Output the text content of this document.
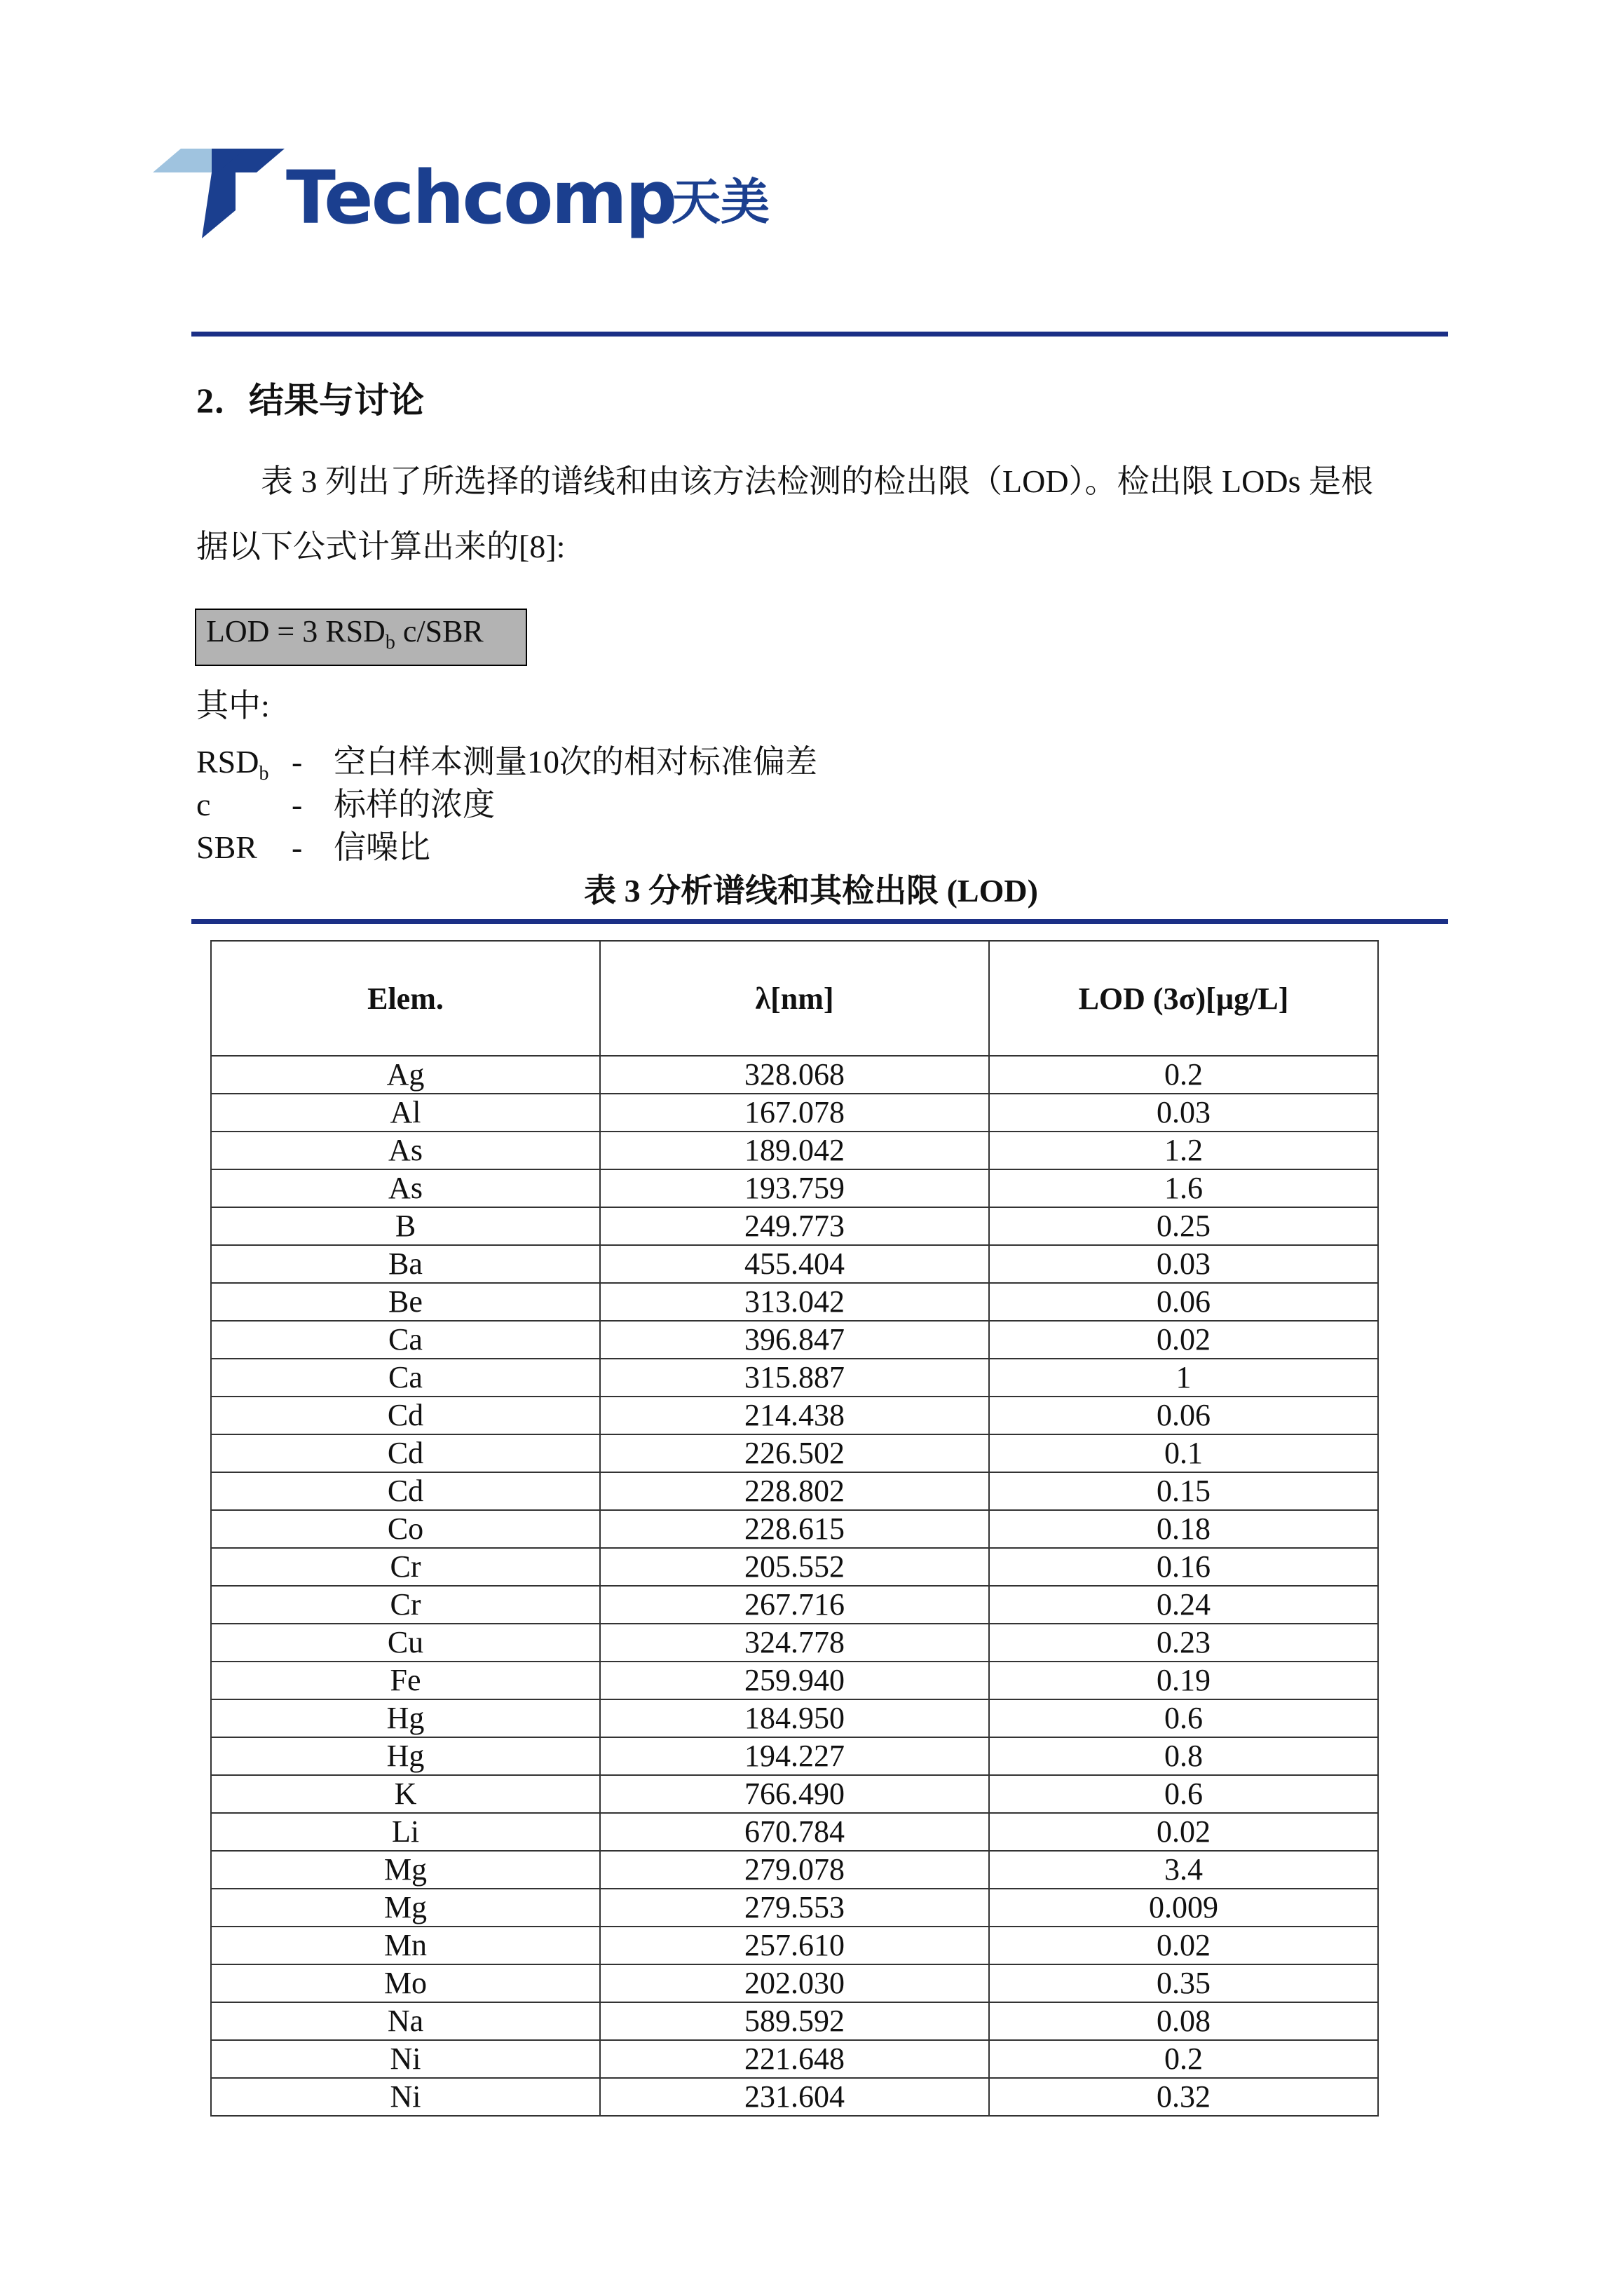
Techcomp
天美
2．结果与讨论
表 3 列出了所选择的谱线和由该方法检测的检出限（LOD）。检出限 LODs 是根
据以下公式计算出来的[8]:
LOD = 3 $RSD_b$ c/SBR
其中:
$RSD_b$ - 空白样本测量10次的相对标准偏差
c	- 标样的浓度
SBR - 信噪比
表 3 分析谱线和其检出限 (LOD)
Elem.	λ[nm]	LOD (3σ)[µg/L]
Ag	328.068	0.2
Al	167.078	0.03
As	189.042	1.2
As	193.759	1.6
B	249.773	0.25
Ba	455.404	0.03
Be	313.042	0.06
Ca	396.847	0.02
Ca	315.887	1
Cd	214.438	0.06
Cd	226.502	0.1
Cd	228.802	0.15
Co	228.615	0.18
Cr	205.552	0.16
Cr	267.716	0.24
Cu	324.778	0.23
Fe	259.940	0.19
Hg	184.950	0.6
Hg	194.227	0.8
K	766.490	0.6
Li	670.784	0.02
Mg	279.078	3.4
Mg	279.553	0.009
Mn	257.610	0.02
Mo	202.030	0.35
Na	589.592	0.08
Ni	221.648	0.2
Ni	231.604	0.32
